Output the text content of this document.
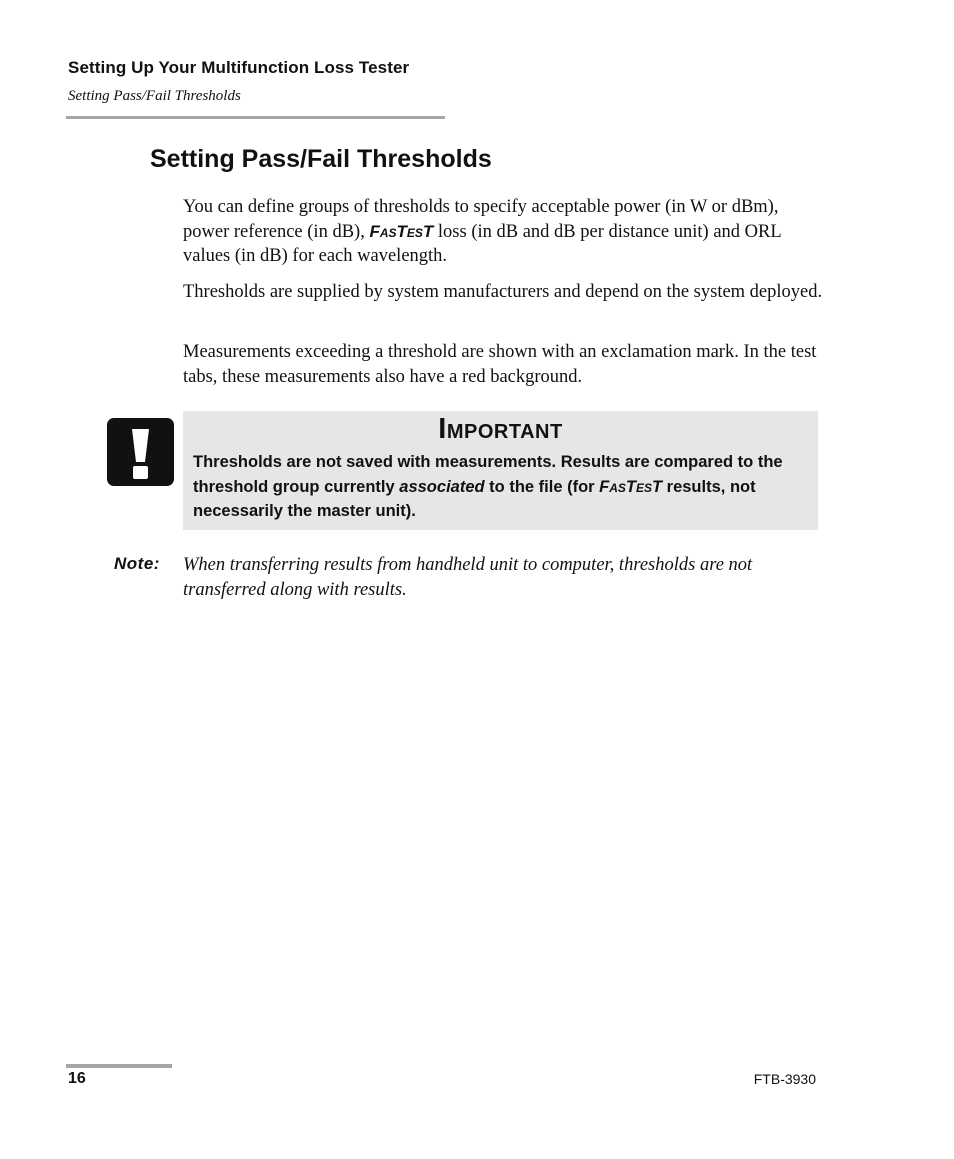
Setting Up Your Multifunction Loss Tester
Setting Pass/Fail Thresholds
Setting Pass/Fail Thresholds

You can define groups of thresholds to specify acceptable power (in W or dBm), power reference (in dB), FasTesT loss (in dB and dB per distance unit) and ORL values (in dB) for each wavelength.

Thresholds are supplied by system manufacturers and depend on the system deployed.

Measurements exceeding a threshold are shown with an exclamation mark. In the test tabs, these measurements also have a red background.

Important

Thresholds are not saved with measurements. Results are compared to the threshold group currently associated to the file (for FasTesT results, not necessarily the master unit).

Note: When transferring results from handheld unit to computer, thresholds are not transferred along with results.

16	FTB-3930
